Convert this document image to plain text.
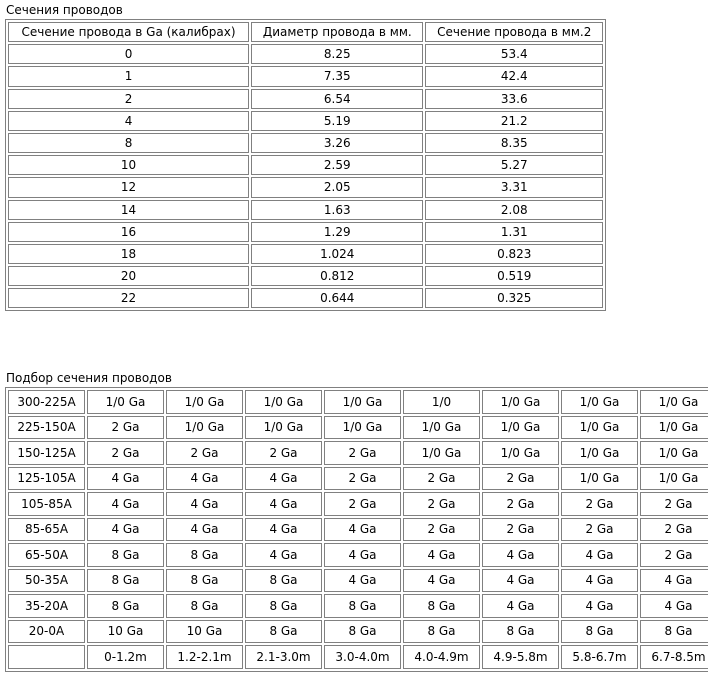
Сечения проводов
Сечение провода в Ga (калибрах)	Диаметр провода в мм.	Сечение провода в мм.2
0	8.25	53.4
1	7.35	42.4
2	6.54	33.6
4	5.19	21.2
8	3.26	8.35
10	2.59	5.27
12	2.05	3.31
14	1.63	2.08
16	1.29	1.31
18	1.024	0.823
20	0.812	0.519
22	0.644	0.325
Подбор сечения проводов
300-225A	1/0 Ga	1/0 Ga	1/0 Ga	1/0 Ga	1/0	1/0 Ga	1/0 Ga	1/0 Ga
225-150A	2 Ga	1/0 Ga	1/0 Ga	1/0 Ga	1/0 Ga	1/0 Ga	1/0 Ga	1/0 Ga
150-125A	2 Ga	2 Ga	2 Ga	2 Ga	1/0 Ga	1/0 Ga	1/0 Ga	1/0 Ga
125-105A	4 Ga	4 Ga	4 Ga	2 Ga	2 Ga	2 Ga	1/0 Ga	1/0 Ga
105-85A	4 Ga	4 Ga	4 Ga	2 Ga	2 Ga	2 Ga	2 Ga	2 Ga
85-65A	4 Ga	4 Ga	4 Ga	4 Ga	2 Ga	2 Ga	2 Ga	2 Ga
65-50A	8 Ga	8 Ga	4 Ga	4 Ga	4 Ga	4 Ga	4 Ga	2 Ga
50-35A	8 Ga	8 Ga	8 Ga	4 Ga	4 Ga	4 Ga	4 Ga	4 Ga
35-20A	8 Ga	8 Ga	8 Ga	8 Ga	8 Ga	4 Ga	4 Ga	4 Ga
20-0A	10 Ga	10 Ga	8 Ga	8 Ga	8 Ga	8 Ga	8 Ga	8 Ga
	0-1.2m	1.2-2.1m	2.1-3.0m	3.0-4.0m	4.0-4.9m	4.9-5.8m	5.8-6.7m	6.7-8.5m
